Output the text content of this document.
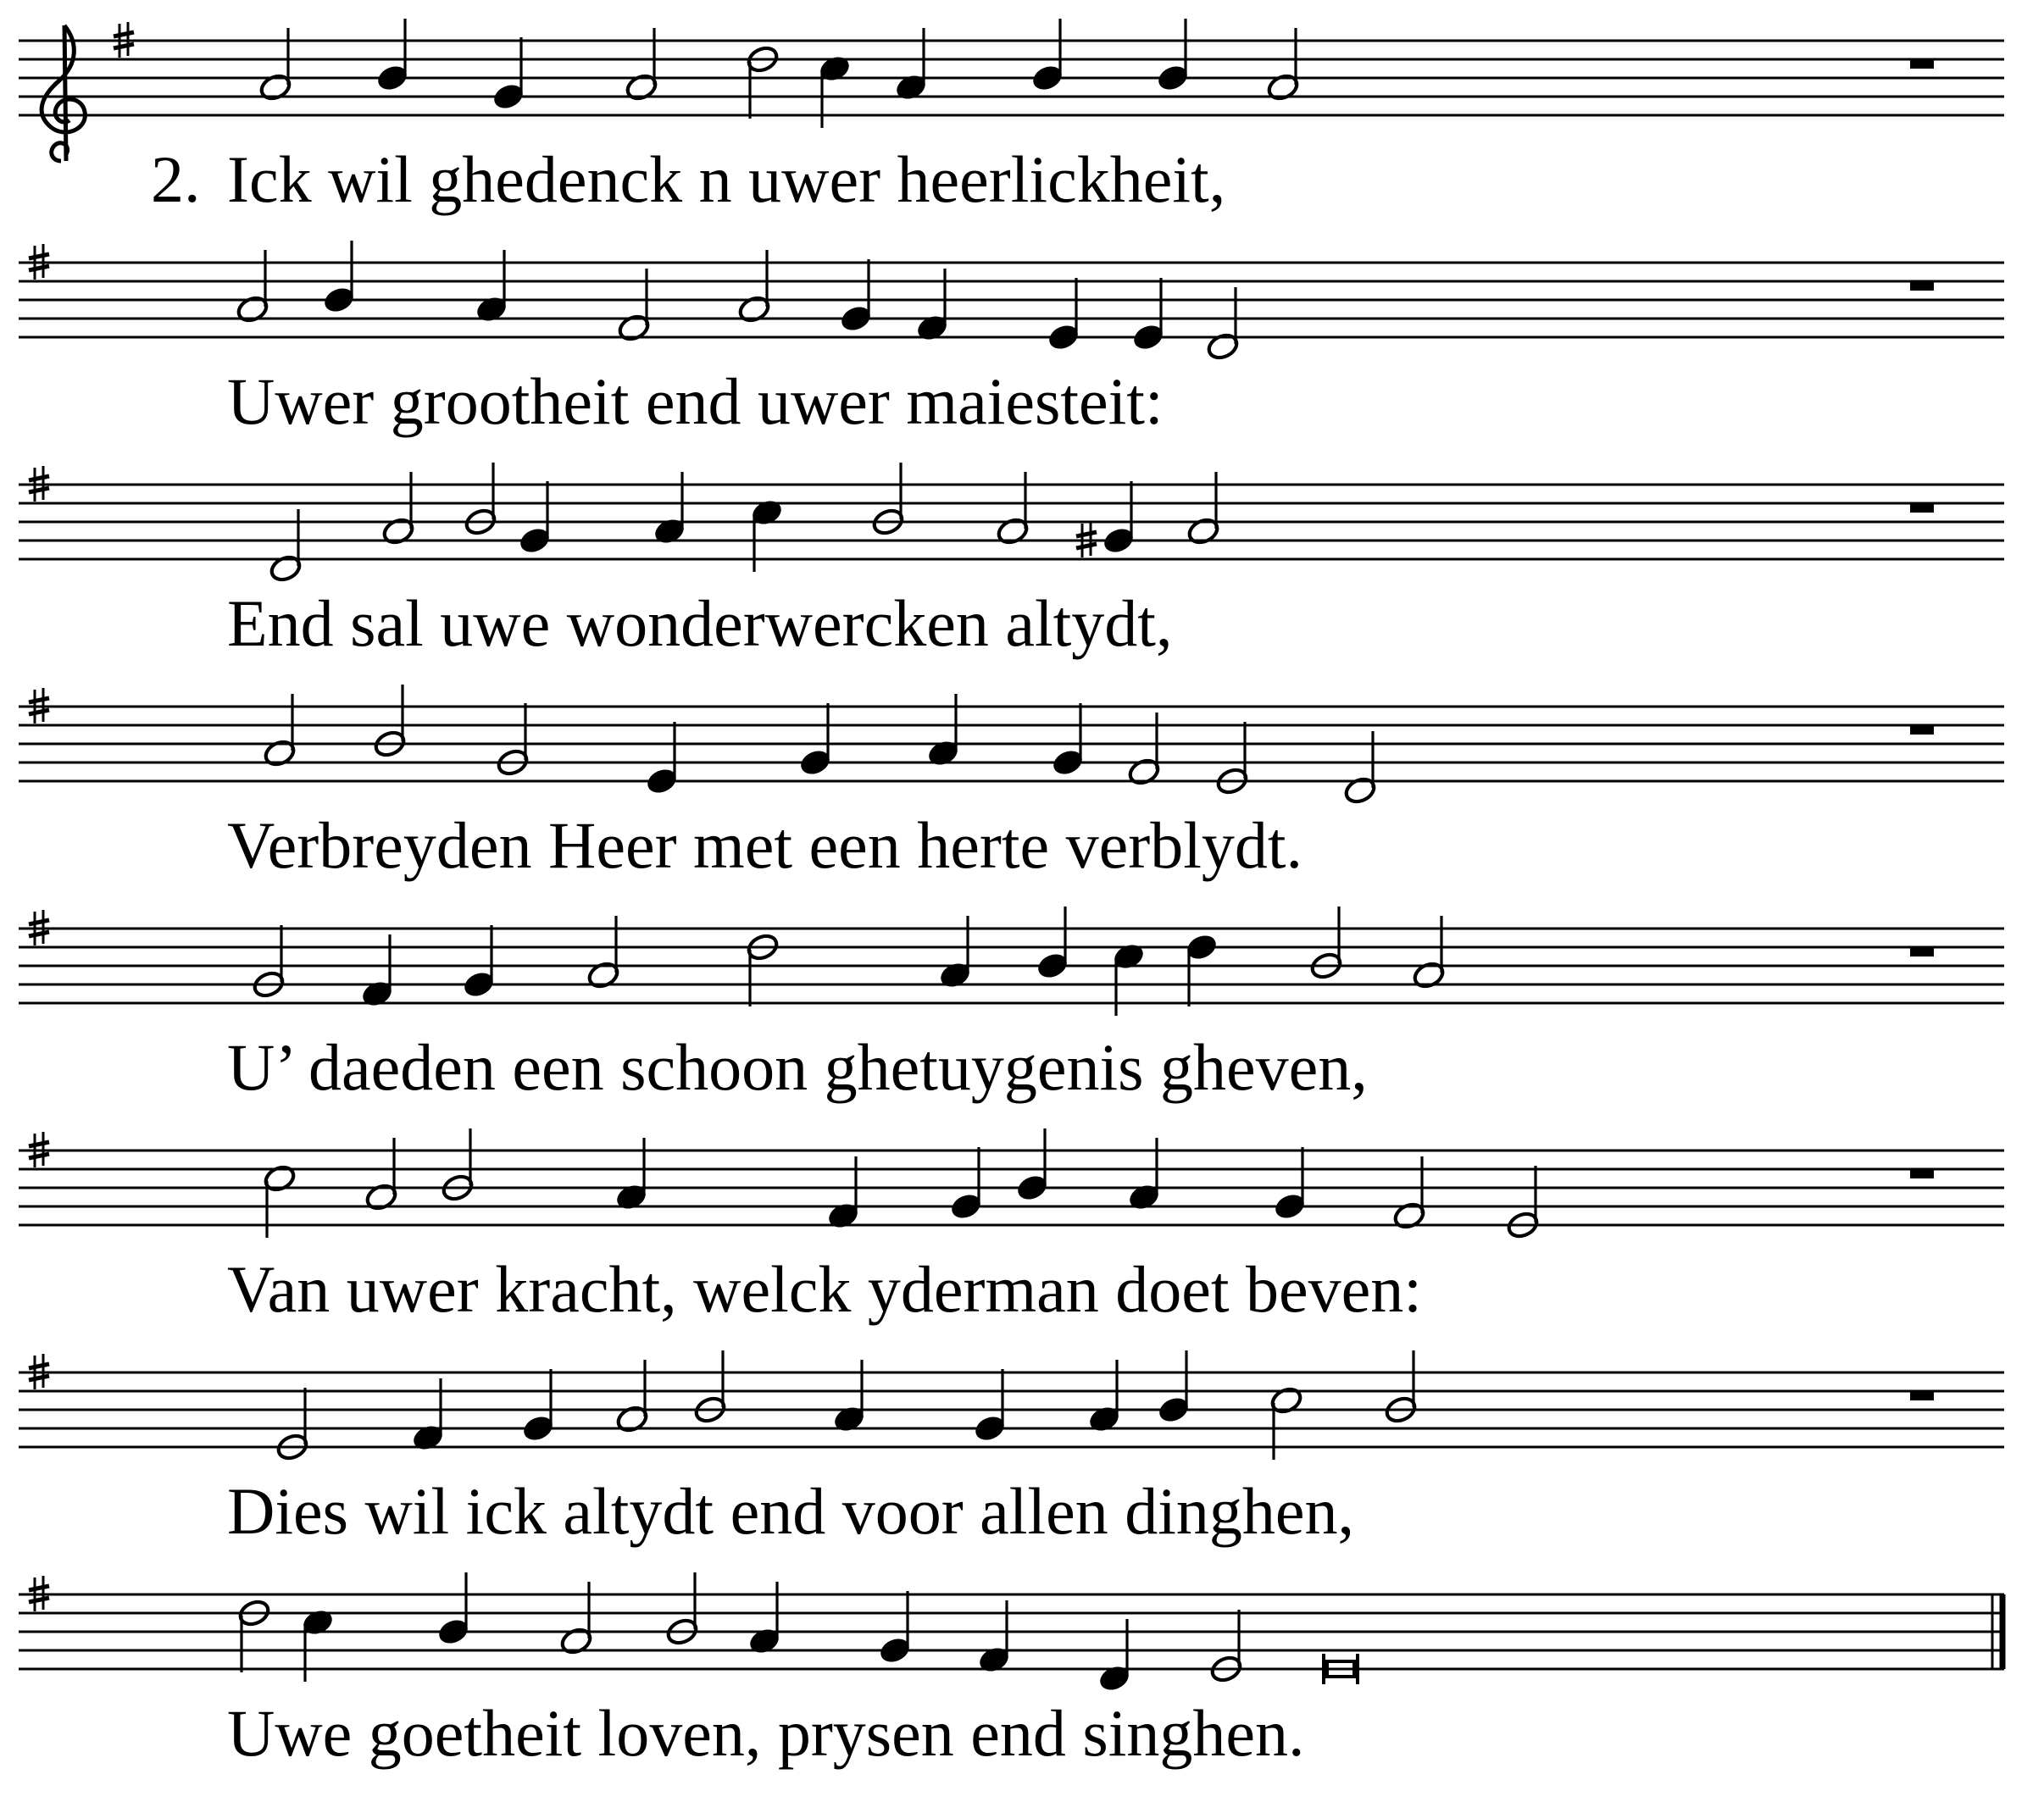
2. Ick wil ghedenck n uwer heerlickheit,
Uwer grootheit end uwer maiesteit:
End sal uwe wonderwercken altydt,
Verbreyden Heer met een herte verblydt.
U’ daeden een schoon ghetuygenis gheven,
Van uwer kracht, welck yderman doet beven:
Dies wil ick altydt end voor allen dinghen,
Uwe goetheit loven, prysen end singhen.
